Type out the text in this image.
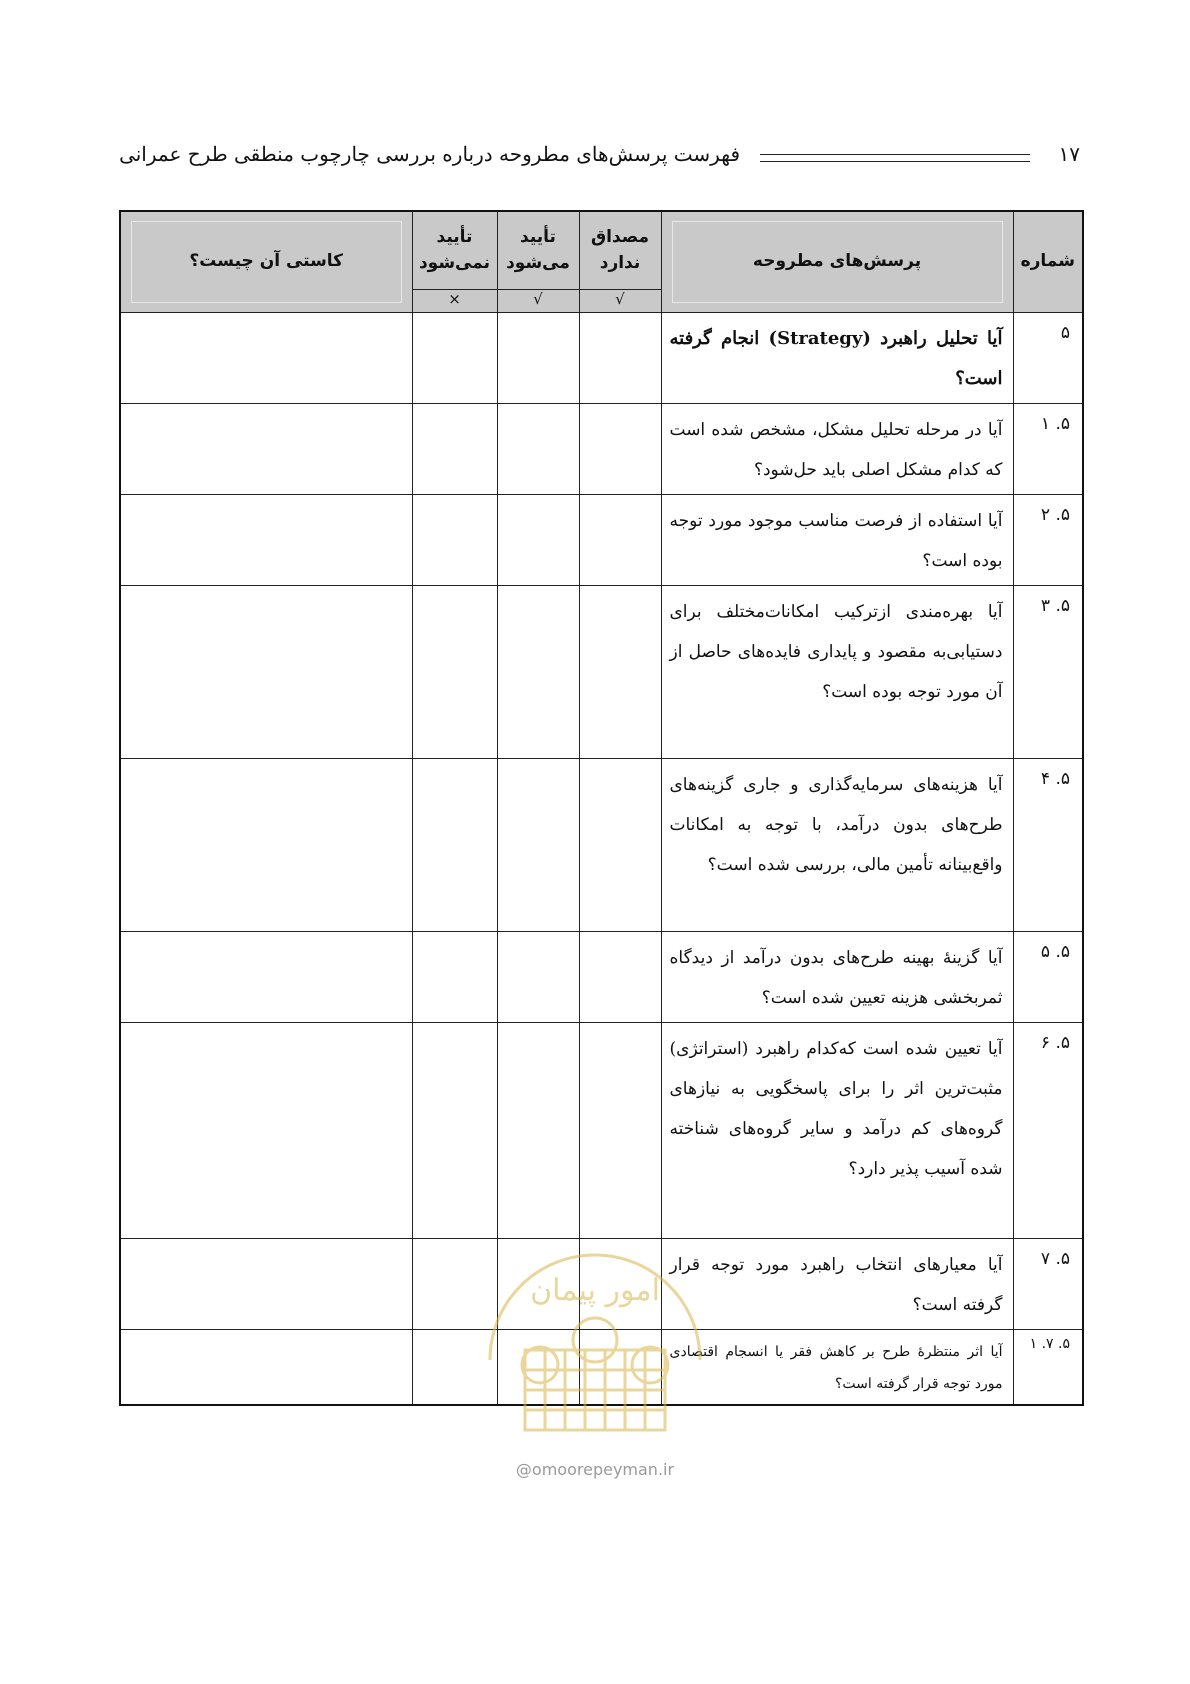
۱۷
فهرست پرسش‌های مطروحه درباره بررسی چارچوب منطقی طرح عمرانی
شماره	پرسش‌های مطروحه	مصداق ندارد	تأیید می‌شود	تأیید نمی‌شود	کاستی آن چیست؟

		√	√	×	
۵	آیا تحلیل راهبرد (Strategy) انجام گرفته است؟				
۵. ۱	آیا در مرحله تحلیل مشکل، مشخص شده است که کدام مشکل اصلی باید حل‌شود؟				
۵. ۲	آیا استفاده از فرصت مناسب موجود مورد توجه بوده است؟				
۵. ۳	آیا بهره‌مندی ازترکیب امکانات‌مختلف برای دستیابی‌به مقصود و پایداری فایده‌های حاصل از آن مورد توجه بوده است؟				
۵. ۴	آیا هزینه‌های سرمایه‌گذاری و جاری گزینه‌های طرح‌های بدون درآمد، با توجه به امکانات واقع‌بینانه تأمین مالی، بررسی شده است؟				
۵. ۵	آیا گزینهٔ بهینه طرح‌های بدون درآمد از دیدگاه ثمربخشی هزینه تعیین شده است؟				
۵. ۶	آیا تعیین شده است که‌کدام راهبرد (استراتژی) مثبت‌ترین اثر را برای پاسخگویی به نیازهای گروه‌های کم درآمد و سایر گروه‌های شناخته شده آسیب پذیر دارد؟				
۵. ۷	آیا معیارهای انتخاب راهبرد مورد توجه قرار گرفته است؟				
۵. ۷. ۱	آیا اثر منتظرهٔ طرح بر کاهش فقر یا انسجام اقتصادی مورد توجه قرار گرفته است؟				
امور پیمان
@omoorepeyman.ir
